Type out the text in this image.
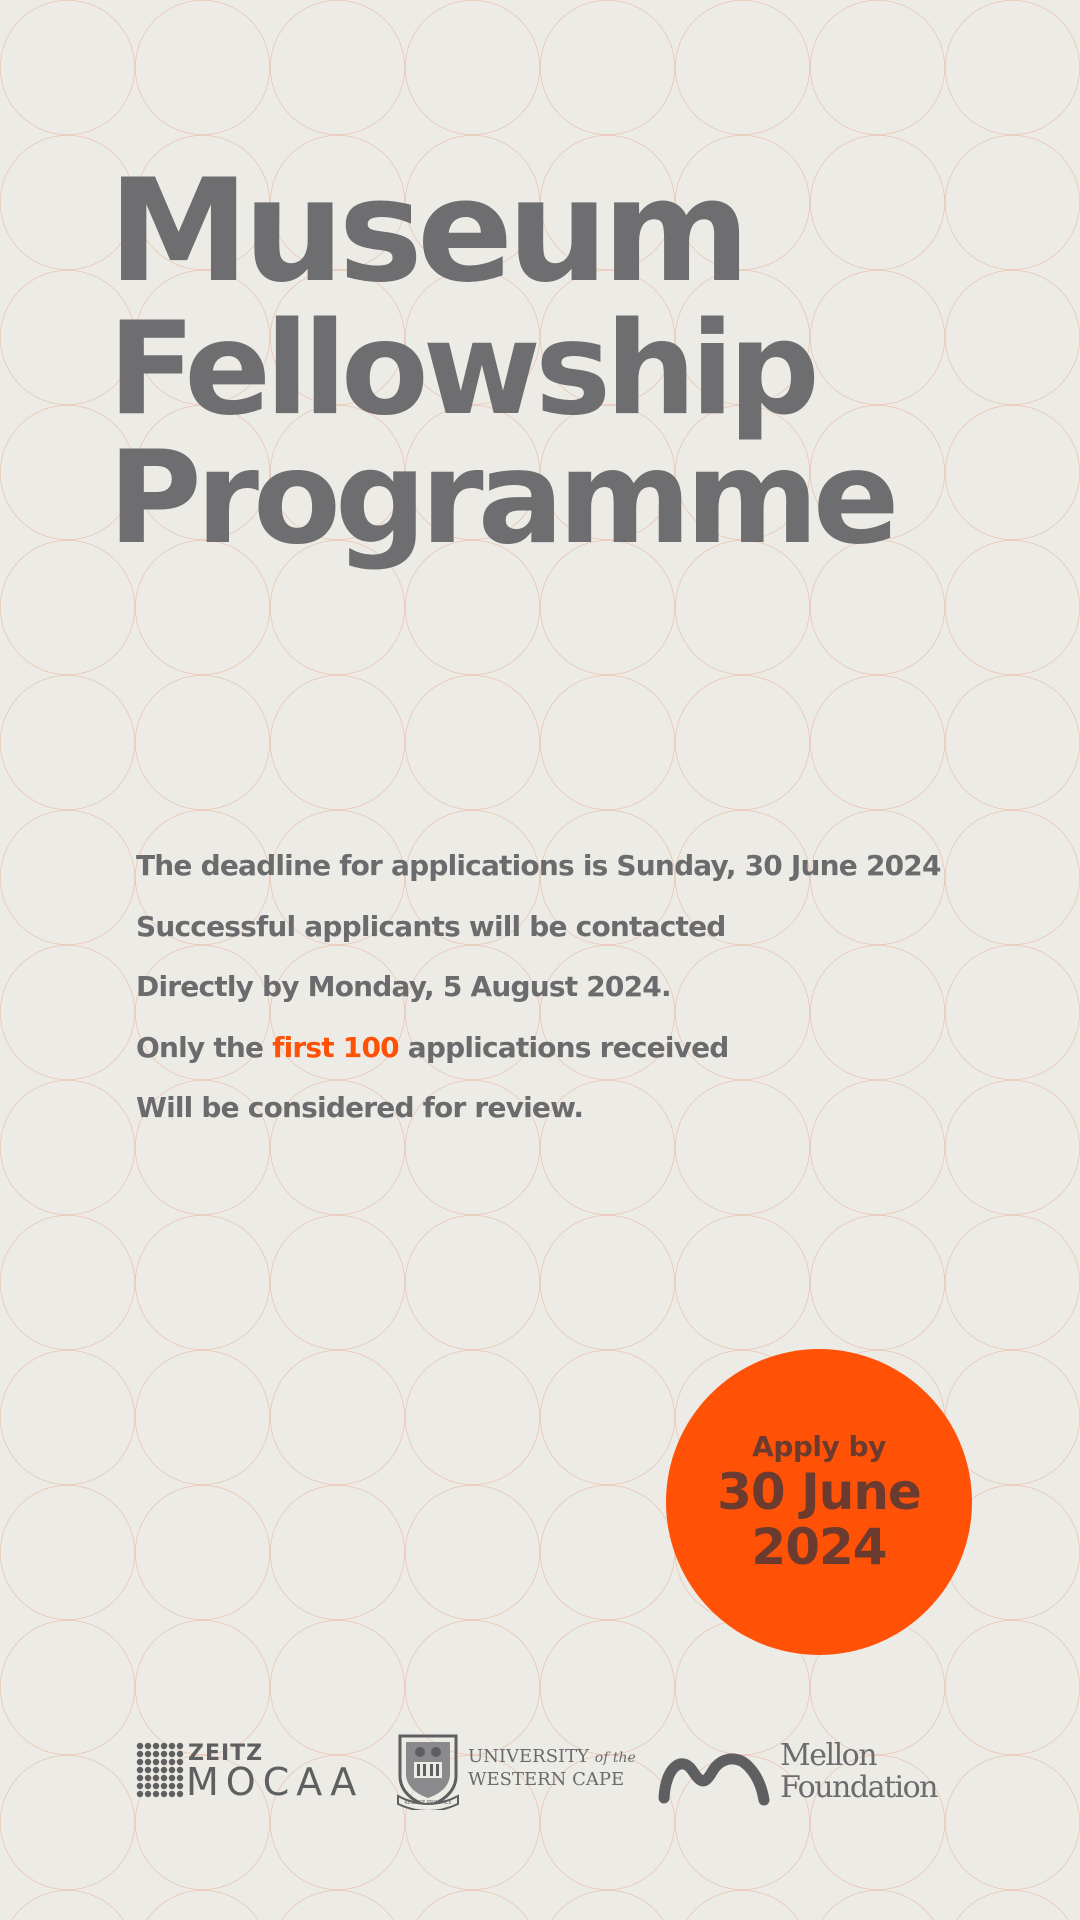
Museum
Fellowship
Programme

The deadline for applications is Sunday, 30 June 2024

Successful applicants will be contacted

Directly by Monday, 5 August 2024.

Only the first 100 applications received

Will be considered for review.

Apply by
30 June
2024
ZEITZ
MOCAA	RESPICE PROSPICE
UNIVERSITY of the
WESTERN CAPE
Mellon
Foundation
